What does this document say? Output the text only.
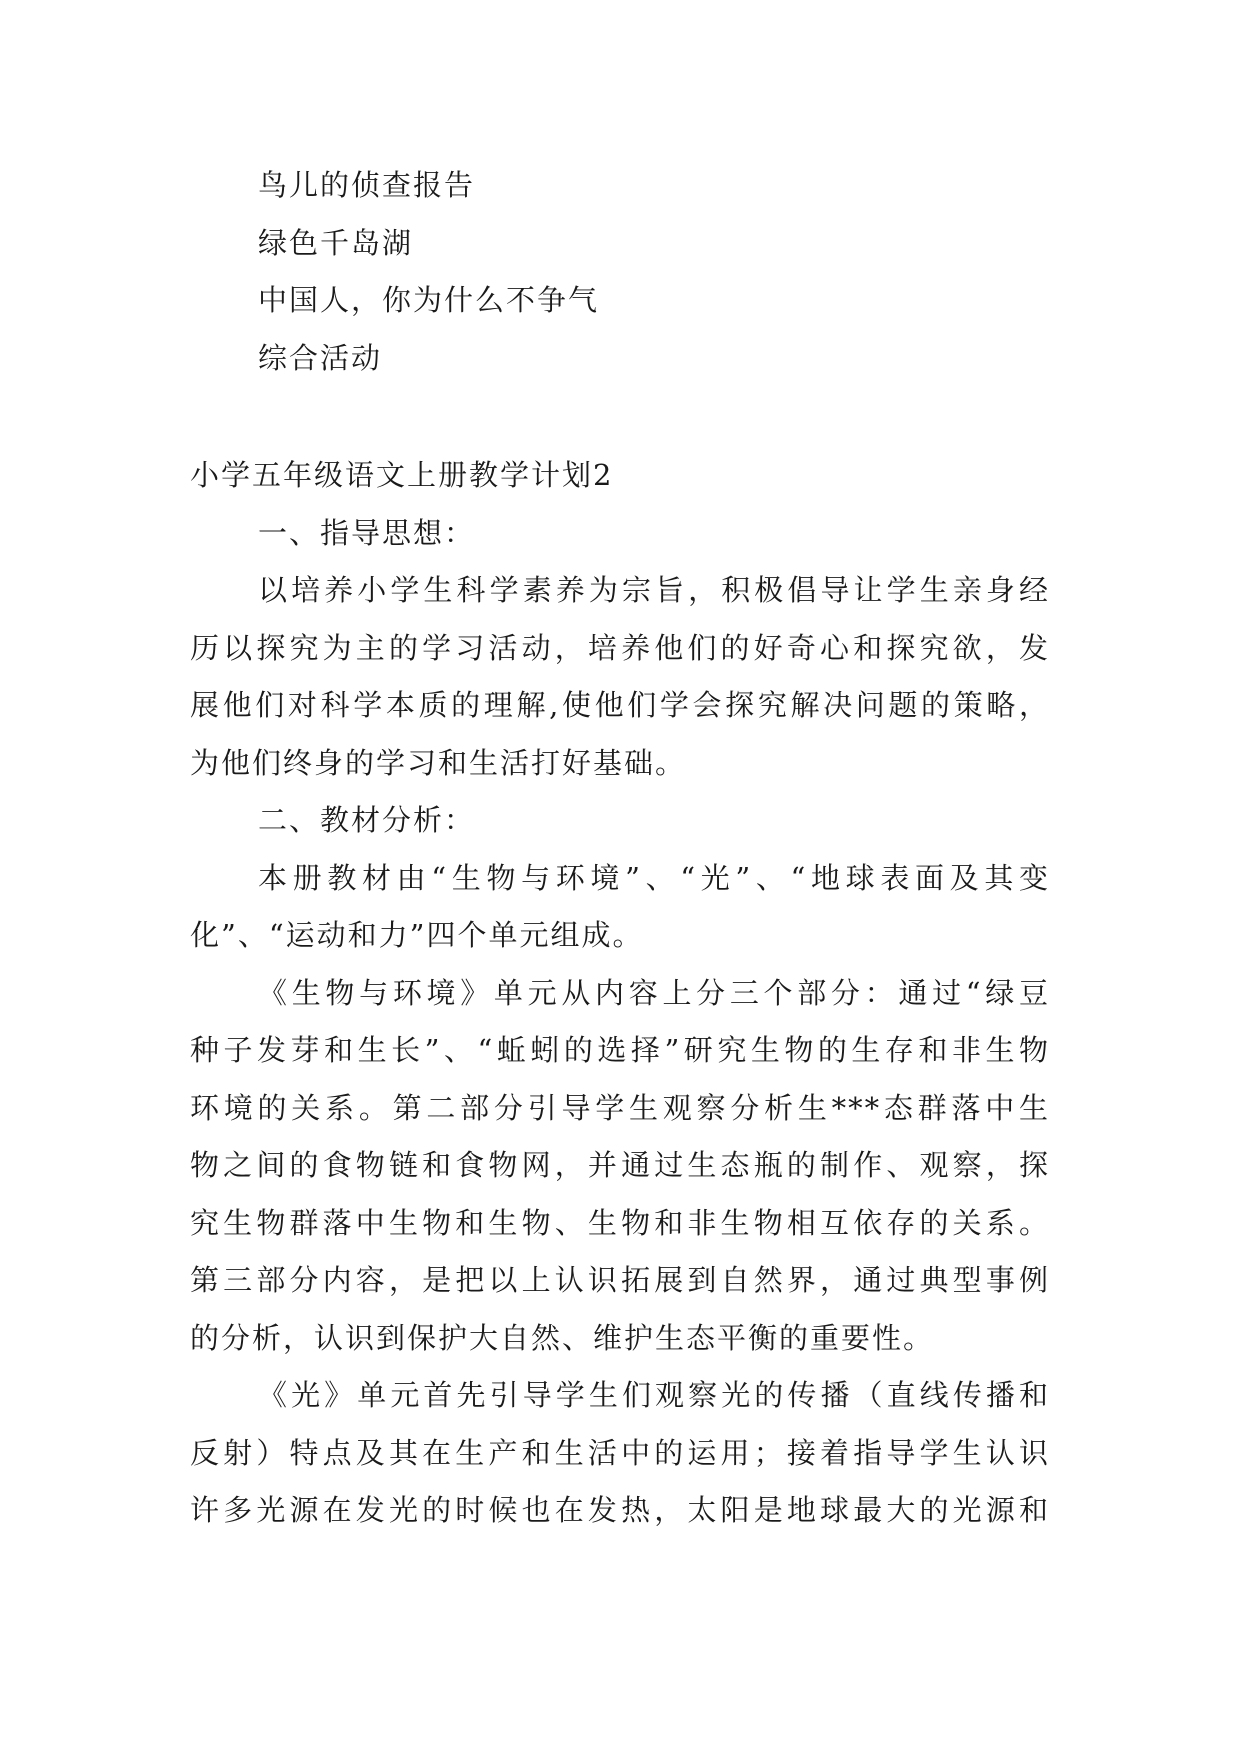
鸟儿的侦查报告
绿色千岛湖
中国人，你为什么不争气
综合活动
小学五年级语文上册教学计划2
一、指导思想：
以培养小学生科学素养为宗旨，积极倡导让学生亲身经
历以探究为主的学习活动，培养他们的好奇心和探究欲，发
展他们对科学本质的理解,使他们学会探究解决问题的策略，
为他们终身的学习和生活打好基础。
二、教材分析：
本册教材由“生物与环境”、“光”、“地球表面及其变
化”、“运动和力”四个单元组成。
《生物与环境》单元从内容上分三个部分：通过“绿豆
种子发芽和生长”、“蚯蚓的选择”研究生物的生存和非生物
环境的关系。第二部分引导学生观察分析生***态群落中生
物之间的食物链和食物网，并通过生态瓶的制作、观察，探
究生物群落中生物和生物、生物和非生物相互依存的关系。
第三部分内容，是把以上认识拓展到自然界，通过典型事例
的分析，认识到保护大自然、维护生态平衡的重要性。
《光》单元首先引导学生们观察光的传播（直线传播和
反射）特点及其在生产和生活中的运用；接着指导学生认识
许多光源在发光的时候也在发热，太阳是地球最大的光源和
